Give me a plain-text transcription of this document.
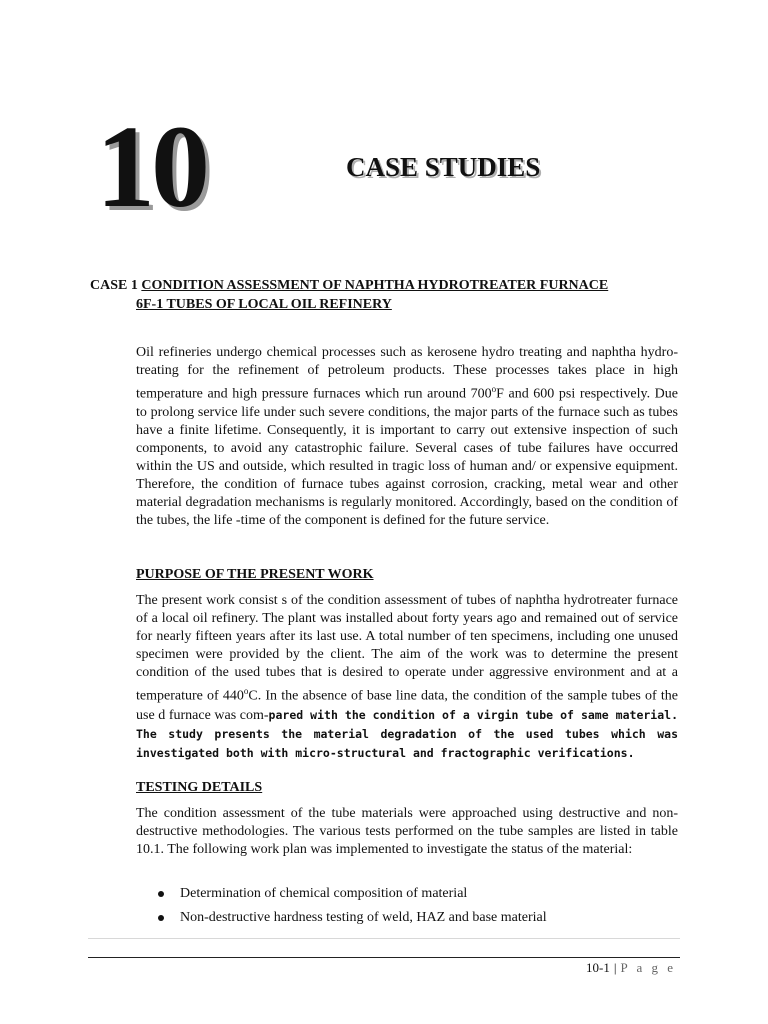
10	CASE STUDIES
CASE 1 CONDITION ASSESSMENT OF NAPHTHA HYDROTREATER FURNACE
6F-1 TUBES OF LOCAL OIL REFINERY
Oil refineries undergo chemical processes such as kerosene hydro treating and naphtha hydro-treating for the refinement of petroleum products. These processes takes place in high temperature and high pressure furnaces which run around 700$^o$F and 600 psi respectively. Due to prolong service life under such severe conditions, the major parts of the furnace such as tubes have a finite lifetime. Consequently, it is important to carry out extensive inspection of such components, to avoid any catastrophic failure. Several cases of tube failures have occurred within the US and outside, which resulted in tragic loss of human and/ or expensive equipment. Therefore, the condition of furnace tubes against corrosion, cracking, metal wear and other material degradation mechanisms is regularly monitored. Accordingly, based on the condition of the tubes, the life -time of the component is defined for the future service.
PURPOSE OF THE PRESENT WORK
The present work consist s of the condition assessment of tubes of naphtha hydrotreater furnace of a local oil refinery. The plant was installed about forty years ago and remained out of service for nearly fifteen years after its last use. A total number of ten specimens, including one unused specimen were provided by the client. The aim of the work was to determine the present condition of the used tubes that is desired to operate under aggressive environment and at a temperature of 440$^o$C. In the absence of base line data, the condition of the sample tubes of the use d furnace was com-pared with the condition of a virgin tube of same material. The study presents the material degradation of the used tubes which was investigated both with micro-structural and fractographic verifications.
TESTING DETAILS
The condition assessment of the tube materials were approached using destructive and non-destructive methodologies. The various tests performed on the tube samples are listed in table 10.1. The following work plan was implemented to investigate the status of the material:
Determination of chemical composition of material
Non-destructive hardness testing of weld, HAZ and base material
10-1 | P a g e
